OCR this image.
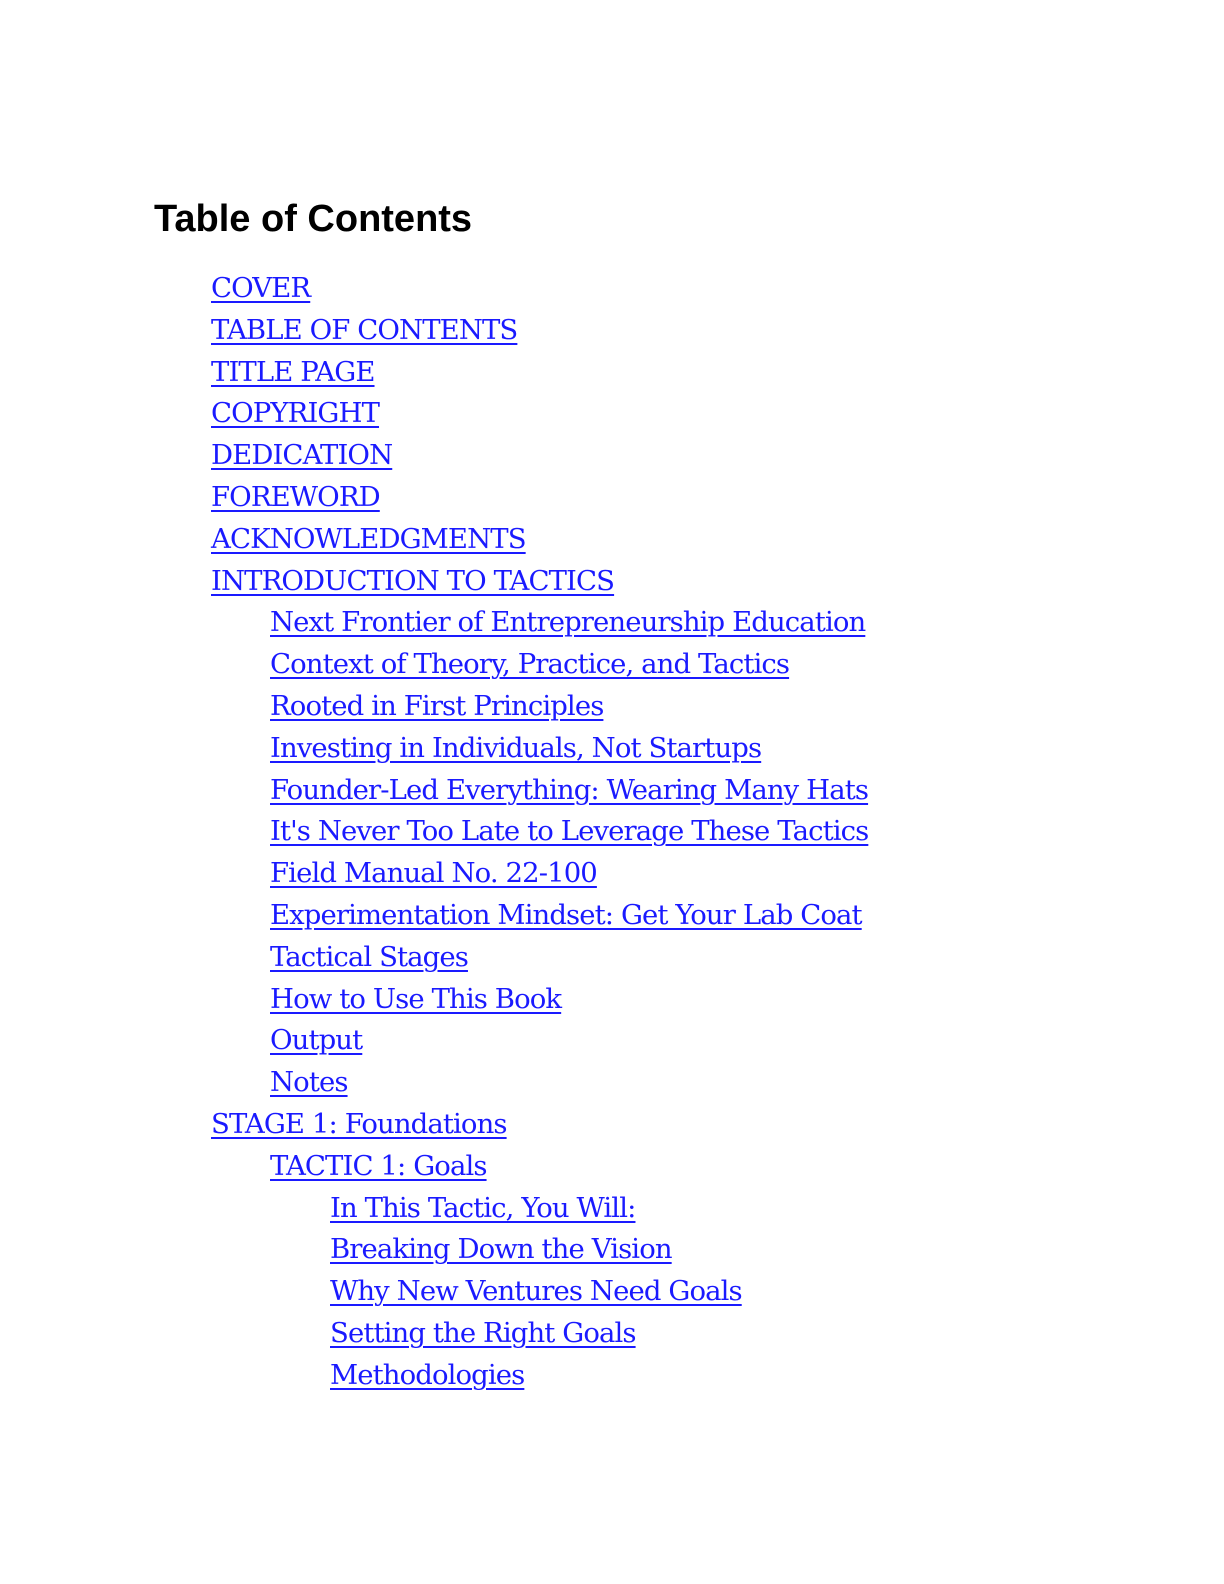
Table of Contents
COVER
TABLE OF CONTENTS
TITLE PAGE
COPYRIGHT
DEDICATION
FOREWORD
ACKNOWLEDGMENTS
INTRODUCTION TO TACTICS
Next Frontier of Entrepreneurship Education
Context of Theory, Practice, and Tactics
Rooted in First Principles
Investing in Individuals, Not Startups
Founder-Led Everything: Wearing Many Hats
It's Never Too Late to Leverage These Tactics
Field Manual No. 22-100
Experimentation Mindset: Get Your Lab Coat
Tactical Stages
How to Use This Book
Output
Notes
STAGE 1: Foundations
TACTIC 1: Goals
In This Tactic, You Will:
Breaking Down the Vision
Why New Ventures Need Goals
Setting the Right Goals
Methodologies
